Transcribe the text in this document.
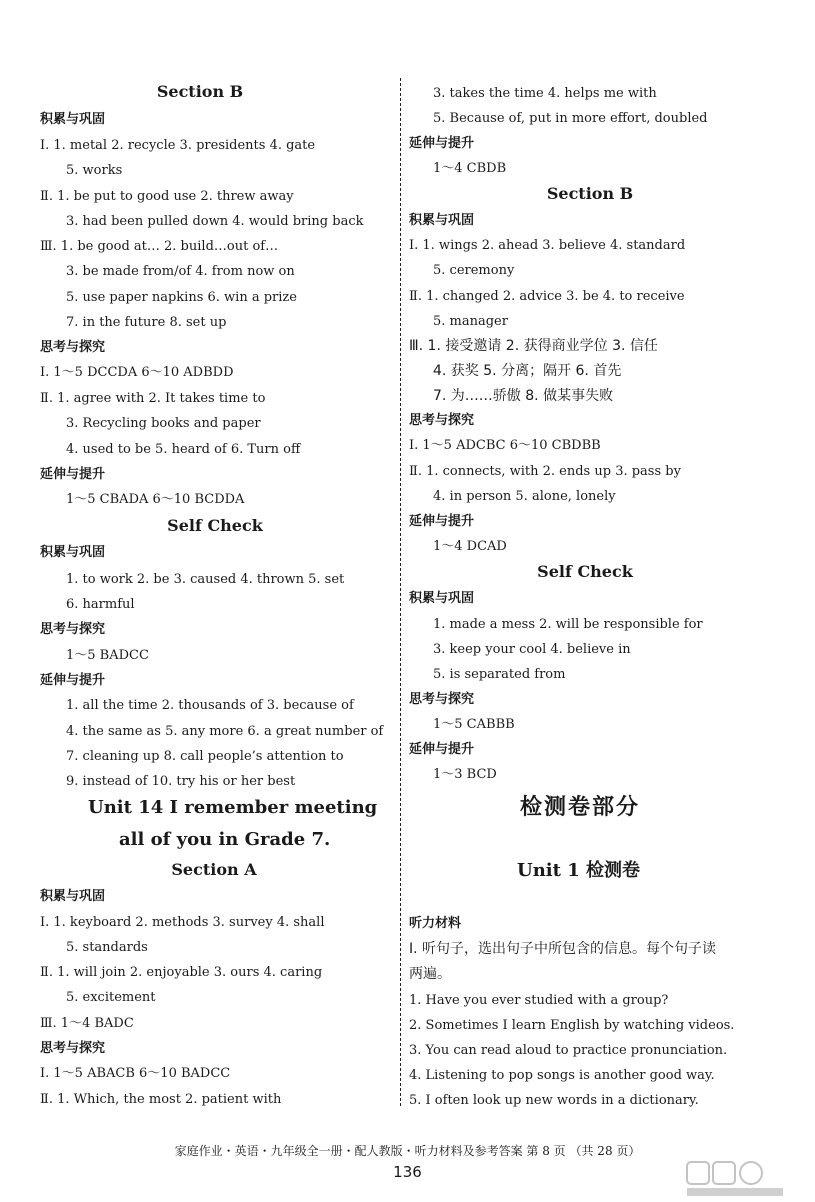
Section B
积累与巩固
Ⅰ. 1. metal 2. recycle 3. presidents 4. gate
5. works
Ⅱ. 1. be put to good use 2. threw away
3. had been pulled down 4. would bring back
Ⅲ. 1. be good at… 2. build…out of…
3. be made from/of 4. from now on
5. use paper napkins 6. win a prize
7. in the future 8. set up
思考与探究
Ⅰ. 1～5 DCCDA 6～10 ADBDD
Ⅱ. 1. agree with 2. It takes time to
3. Recycling books and paper
4. used to be 5. heard of 6. Turn off
延伸与提升
1～5 CBADA 6～10 BCDDA
Self Check
积累与巩固
1. to work 2. be 3. caused 4. thrown 5. set
6. harmful
思考与探究
1～5 BADCC
延伸与提升
1. all the time 2. thousands of 3. because of
4. the same as 5. any more 6. a great number of
7. cleaning up 8. call people’s attention to
9. instead of 10. try his or her best
Unit 14 I remember meeting
all of you in Grade 7.
Section A
积累与巩固
Ⅰ. 1. keyboard 2. methods 3. survey 4. shall
5. standards
Ⅱ. 1. will join 2. enjoyable 3. ours 4. caring
5. excitement
Ⅲ. 1～4 BADC
思考与探究
Ⅰ. 1～5 ABACB 6～10 BADCC
Ⅱ. 1. Which, the most 2. patient with
3. takes the time 4. helps me with
5. Because of, put in more effort, doubled
延伸与提升
1～4 CBDB
Section B
积累与巩固
Ⅰ. 1. wings 2. ahead 3. believe 4. standard
5. ceremony
Ⅱ. 1. changed 2. advice 3. be 4. to receive
5. manager
Ⅲ. 1. 接受邀请 2. 获得商业学位 3. 信任
4. 获奖 5. 分离；隔开 6. 首先
7. 为……骄傲 8. 做某事失败
思考与探究
Ⅰ. 1～5 ADCBC 6～10 CBDBB
Ⅱ. 1. connects, with 2. ends up 3. pass by
4. in person 5. alone, lonely
延伸与提升
1～4 DCAD
Self Check
积累与巩固
1. made a mess 2. will be responsible for
3. keep your cool 4. believe in
5. is separated from
思考与探究
1～5 CABBB
延伸与提升
1～3 BCD
检测卷部分
Unit 1 检测卷
听力材料
Ⅰ. 听句子，选出句子中所包含的信息。每个句子读
两遍。
1. Have you ever studied with a group?
2. Sometimes I learn English by watching videos.
3. You can read aloud to practice pronunciation.
4. Listening to pop songs is another good way.
5. I often look up new words in a dictionary.
家庭作业・英语・九年级全一册・配人教版・听力材料及参考答案 第 8 页 （共 28 页）
136
